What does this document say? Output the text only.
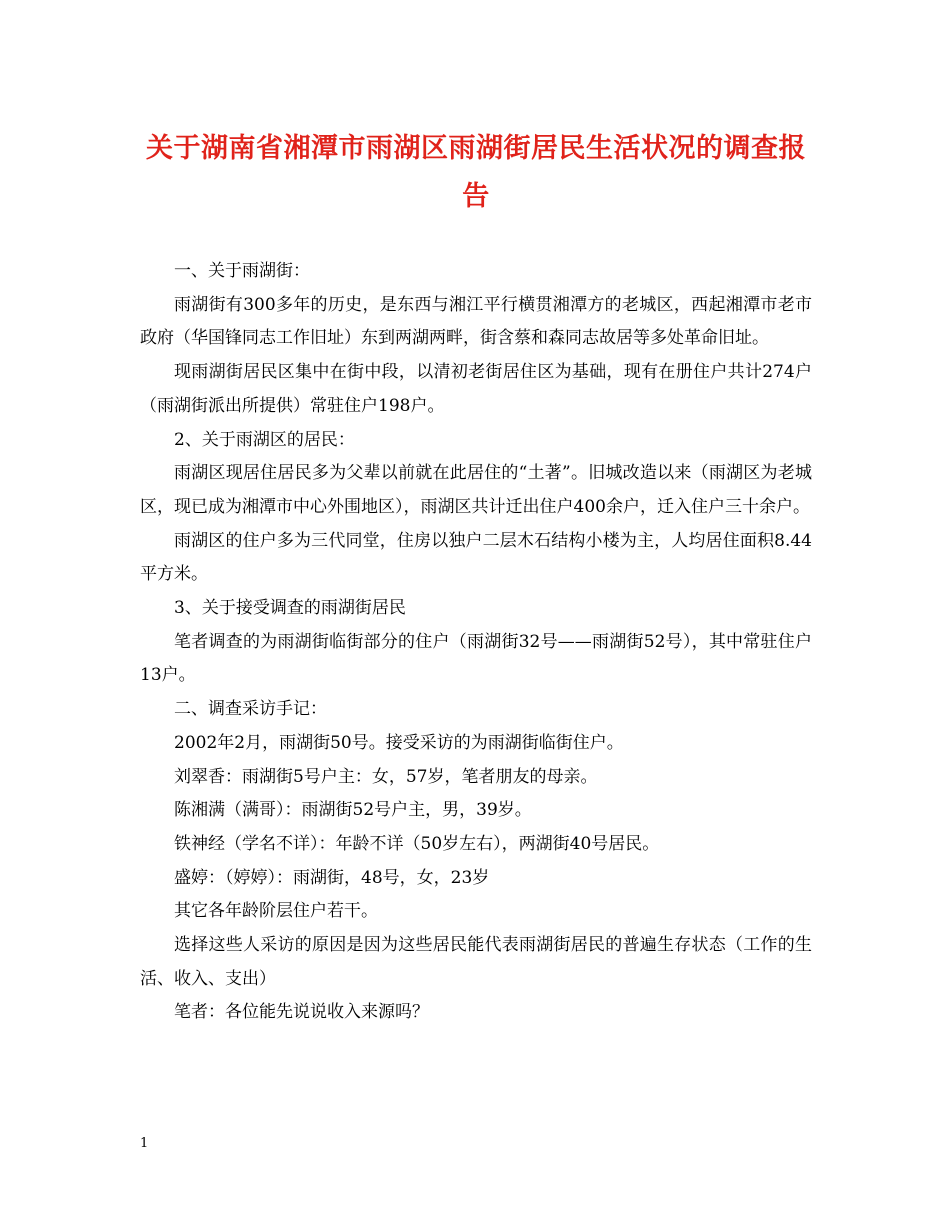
关于湖南省湘潭市雨湖区雨湖街居民生活状况的调查报告

一、关于雨湖街：

雨湖街有300多年的历史，是东西与湘江平行横贯湘潭方的老城区，西起湘潭市老市政府（华国锋同志工作旧址）东到两湖两畔，街含蔡和森同志故居等多处革命旧址。

现雨湖街居民区集中在街中段，以清初老街居住区为基础，现有在册住户共计274户（雨湖街派出所提供）常驻住户198户。

2、关于雨湖区的居民：

雨湖区现居住居民多为父辈以前就在此居住的“土著”。旧城改造以来（雨湖区为老城区，现已成为湘潭市中心外围地区），雨湖区共计迁出住户400余户，迁入住户三十余户。

雨湖区的住户多为三代同堂，住房以独户二层木石结构小楼为主，人均居住面积8.44平方米。

3、关于接受调查的雨湖街居民

笔者调查的为雨湖街临街部分的住户（雨湖街32号——雨湖街52号），其中常驻住户13户。

二、调查采访手记：

2002年2月，雨湖街50号。接受采访的为雨湖街临街住户。

刘翠香：雨湖街5号户主：女，57岁，笔者朋友的母亲。

陈湘满（满哥）：雨湖街52号户主，男，39岁。

铁神经（学名不详）：年龄不详（50岁左右），两湖街40号居民。

盛婷：（婷婷）：雨湖街，48号，女，23岁

其它各年龄阶层住户若干。

选择这些人采访的原因是因为这些居民能代表雨湖街居民的普遍生存状态（工作的生活、收入、支出）

笔者：各位能先说说收入来源吗？

1
